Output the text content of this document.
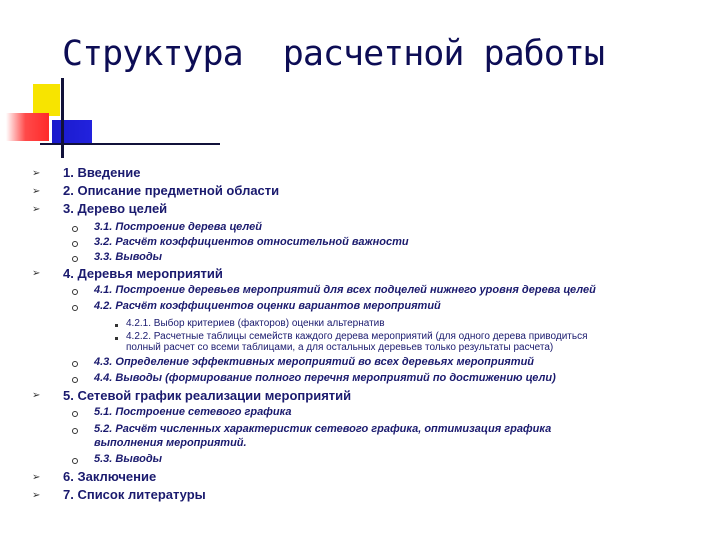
Структура  расчетной работы
➢
➢
➢
➢
➢
➢
➢
1. Введение
2. Описание предметной области
3. Дерево целей
3.1. Построение дерева целей
3.2. Расчёт коэффициентов относительной важности
3.3. Выводы
4. Деревья мероприятий
4.1. Построение деревьев мероприятий для всех подцелей нижнего уровня дерева целей
4.2. Расчёт коэффициентов оценки вариантов мероприятий
4.2.1. Выбор критериев (факторов) оценки альтернатив
4.2.2. Расчетные таблицы семейств каждого дерева мероприятий (для одного дерева приводиться
полный расчет со всеми таблицами, а для остальных деревьев только результаты расчета)
4.3. Определение эффективных мероприятий во всех деревьях мероприятий
4.4. Выводы (формирование полного перечня мероприятий по достижению цели)
5. Сетевой график реализации мероприятий
5.1. Построение сетевого графика
5.2. Расчёт численных характеристик сетевого графика, оптимизация графика
выполнения мероприятий.
5.3. Выводы
6. Заключение
7. Список литературы
